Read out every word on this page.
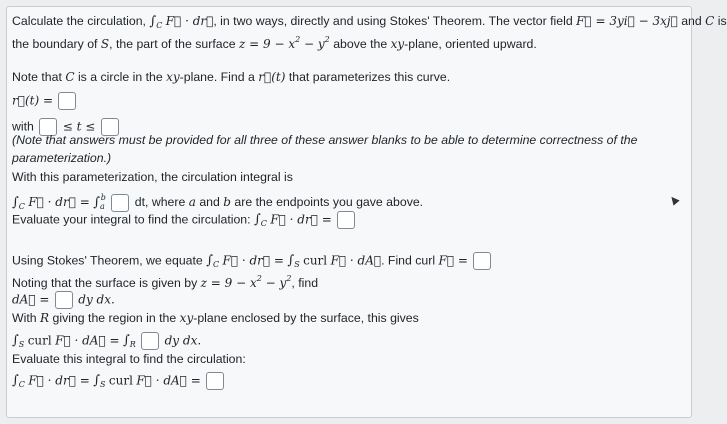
Calculate the circulation, $\int_C$ F⃗ · dr⃗, in two ways, directly and using Stokes' Theorem. The vector field F⃗ = 3yi⃗ − 3xj⃗ and C is
the boundary of S, the part of the surface $z = 9 - x^2 - y^2$ above the xy-plane, oriented upward.
Note that C is a circle in the xy-plane. Find a r⃗(t) that parameterizes this curve.
r⃗(t) =
with ≤ t ≤
(Note that answers must be provided for all three of these answer blanks to be able to determine correctness of the
parameterization.)
With this parameterization, the circulation integral is
$\int_C$ F⃗ · dr⃗ = $\int_a^b$ dt, where a and b are the endpoints you gave above.
Evaluate your integral to find the circulation: $\int_C$ F⃗ · dr⃗ =
Using Stokes' Theorem, we equate $\int_C$ F⃗ · dr⃗ = $\int_S$ curl F⃗ · dA⃗. Find curl F⃗ =
Noting that the surface is given by $z = 9 - x^2 - y^2$, find
dA⃗ = dy dx.
With R giving the region in the xy-plane enclosed by the surface, this gives
$\int_S$ curl F⃗ · dA⃗ = $\int_R$ dy dx.
Evaluate this integral to find the circulation:
$\int_C$ F⃗ · dr⃗ = $\int_S$ curl F⃗ · dA⃗ =
